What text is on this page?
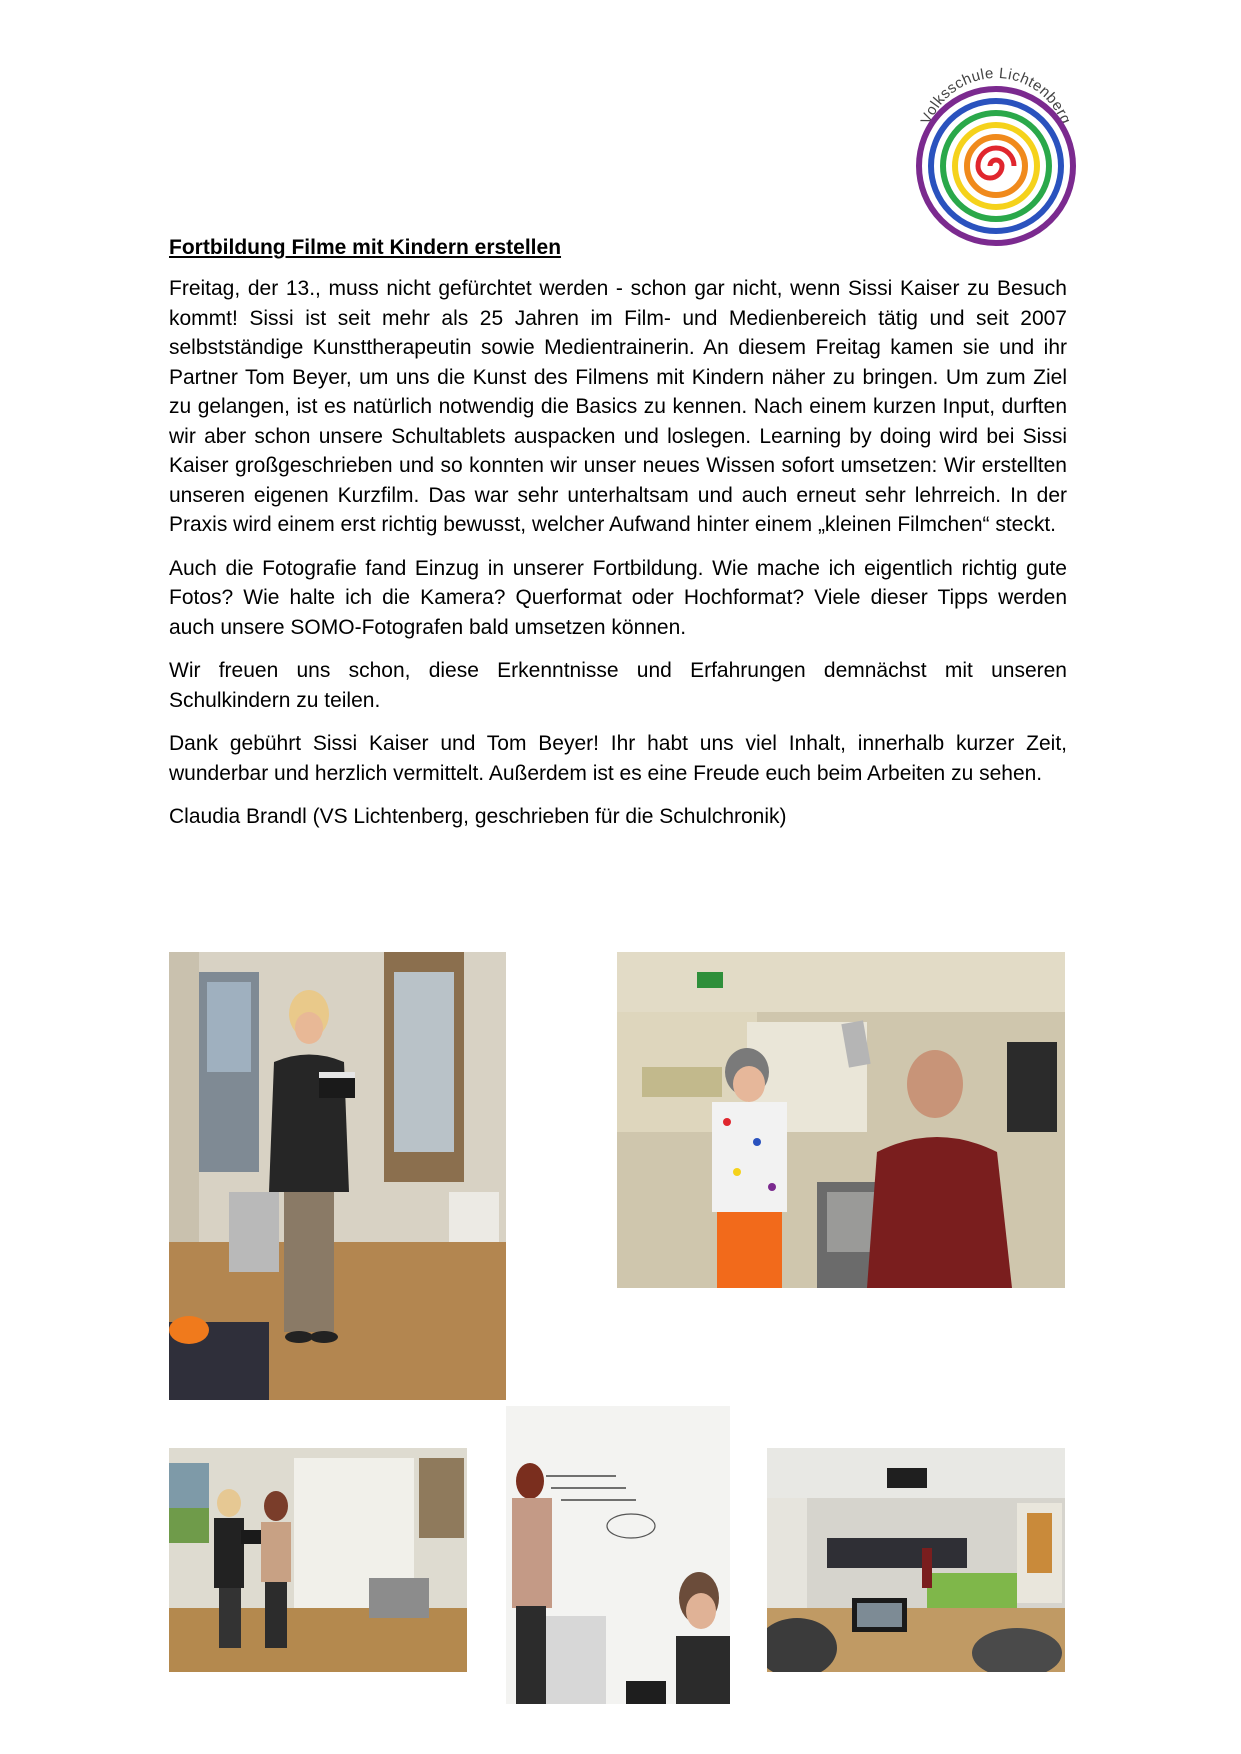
Volksschule Lichtenberg
Fortbildung Filme mit Kindern erstellen

Freitag, der 13., muss nicht gefürchtet werden - schon gar nicht, wenn Sissi Kaiser zu Besuch kommt! Sissi ist seit mehr als 25 Jahren im Film- und Medienbereich tätig und seit 2007 selbstständige Kunsttherapeutin sowie Medientrainerin. An diesem Freitag kamen sie und ihr Partner Tom Beyer, um uns die Kunst des Filmens mit Kindern näher zu bringen. Um zum Ziel zu gelangen, ist es natürlich notwendig die Basics zu kennen. Nach einem kurzen Input, durften wir aber schon unsere Schultablets auspacken und loslegen. Learning by doing wird bei Sissi Kaiser großgeschrieben und so konnten wir unser neues Wissen sofort umsetzen: Wir erstellten unseren eigenen Kurzfilm. Das war sehr unterhaltsam und auch erneut sehr lehrreich. In der Praxis wird einem erst richtig bewusst, welcher Aufwand hinter einem „kleinen Filmchen“ steckt.

Auch die Fotografie fand Einzug in unserer Fortbildung. Wie mache ich eigentlich richtig gute Fotos? Wie halte ich die Kamera? Querformat oder Hochformat? Viele dieser Tipps werden auch unsere SOMO-Fotografen bald umsetzen können.

Wir freuen uns schon, diese Erkenntnisse und Erfahrungen demnächst mit unseren Schulkindern zu teilen.

Dank gebührt Sissi Kaiser und Tom Beyer! Ihr habt uns viel Inhalt, innerhalb kurzer Zeit, wunderbar und herzlich vermittelt. Außerdem ist es eine Freude euch beim Arbeiten zu sehen.

Claudia Brandl (VS Lichtenberg, geschrieben für die Schulchronik)
